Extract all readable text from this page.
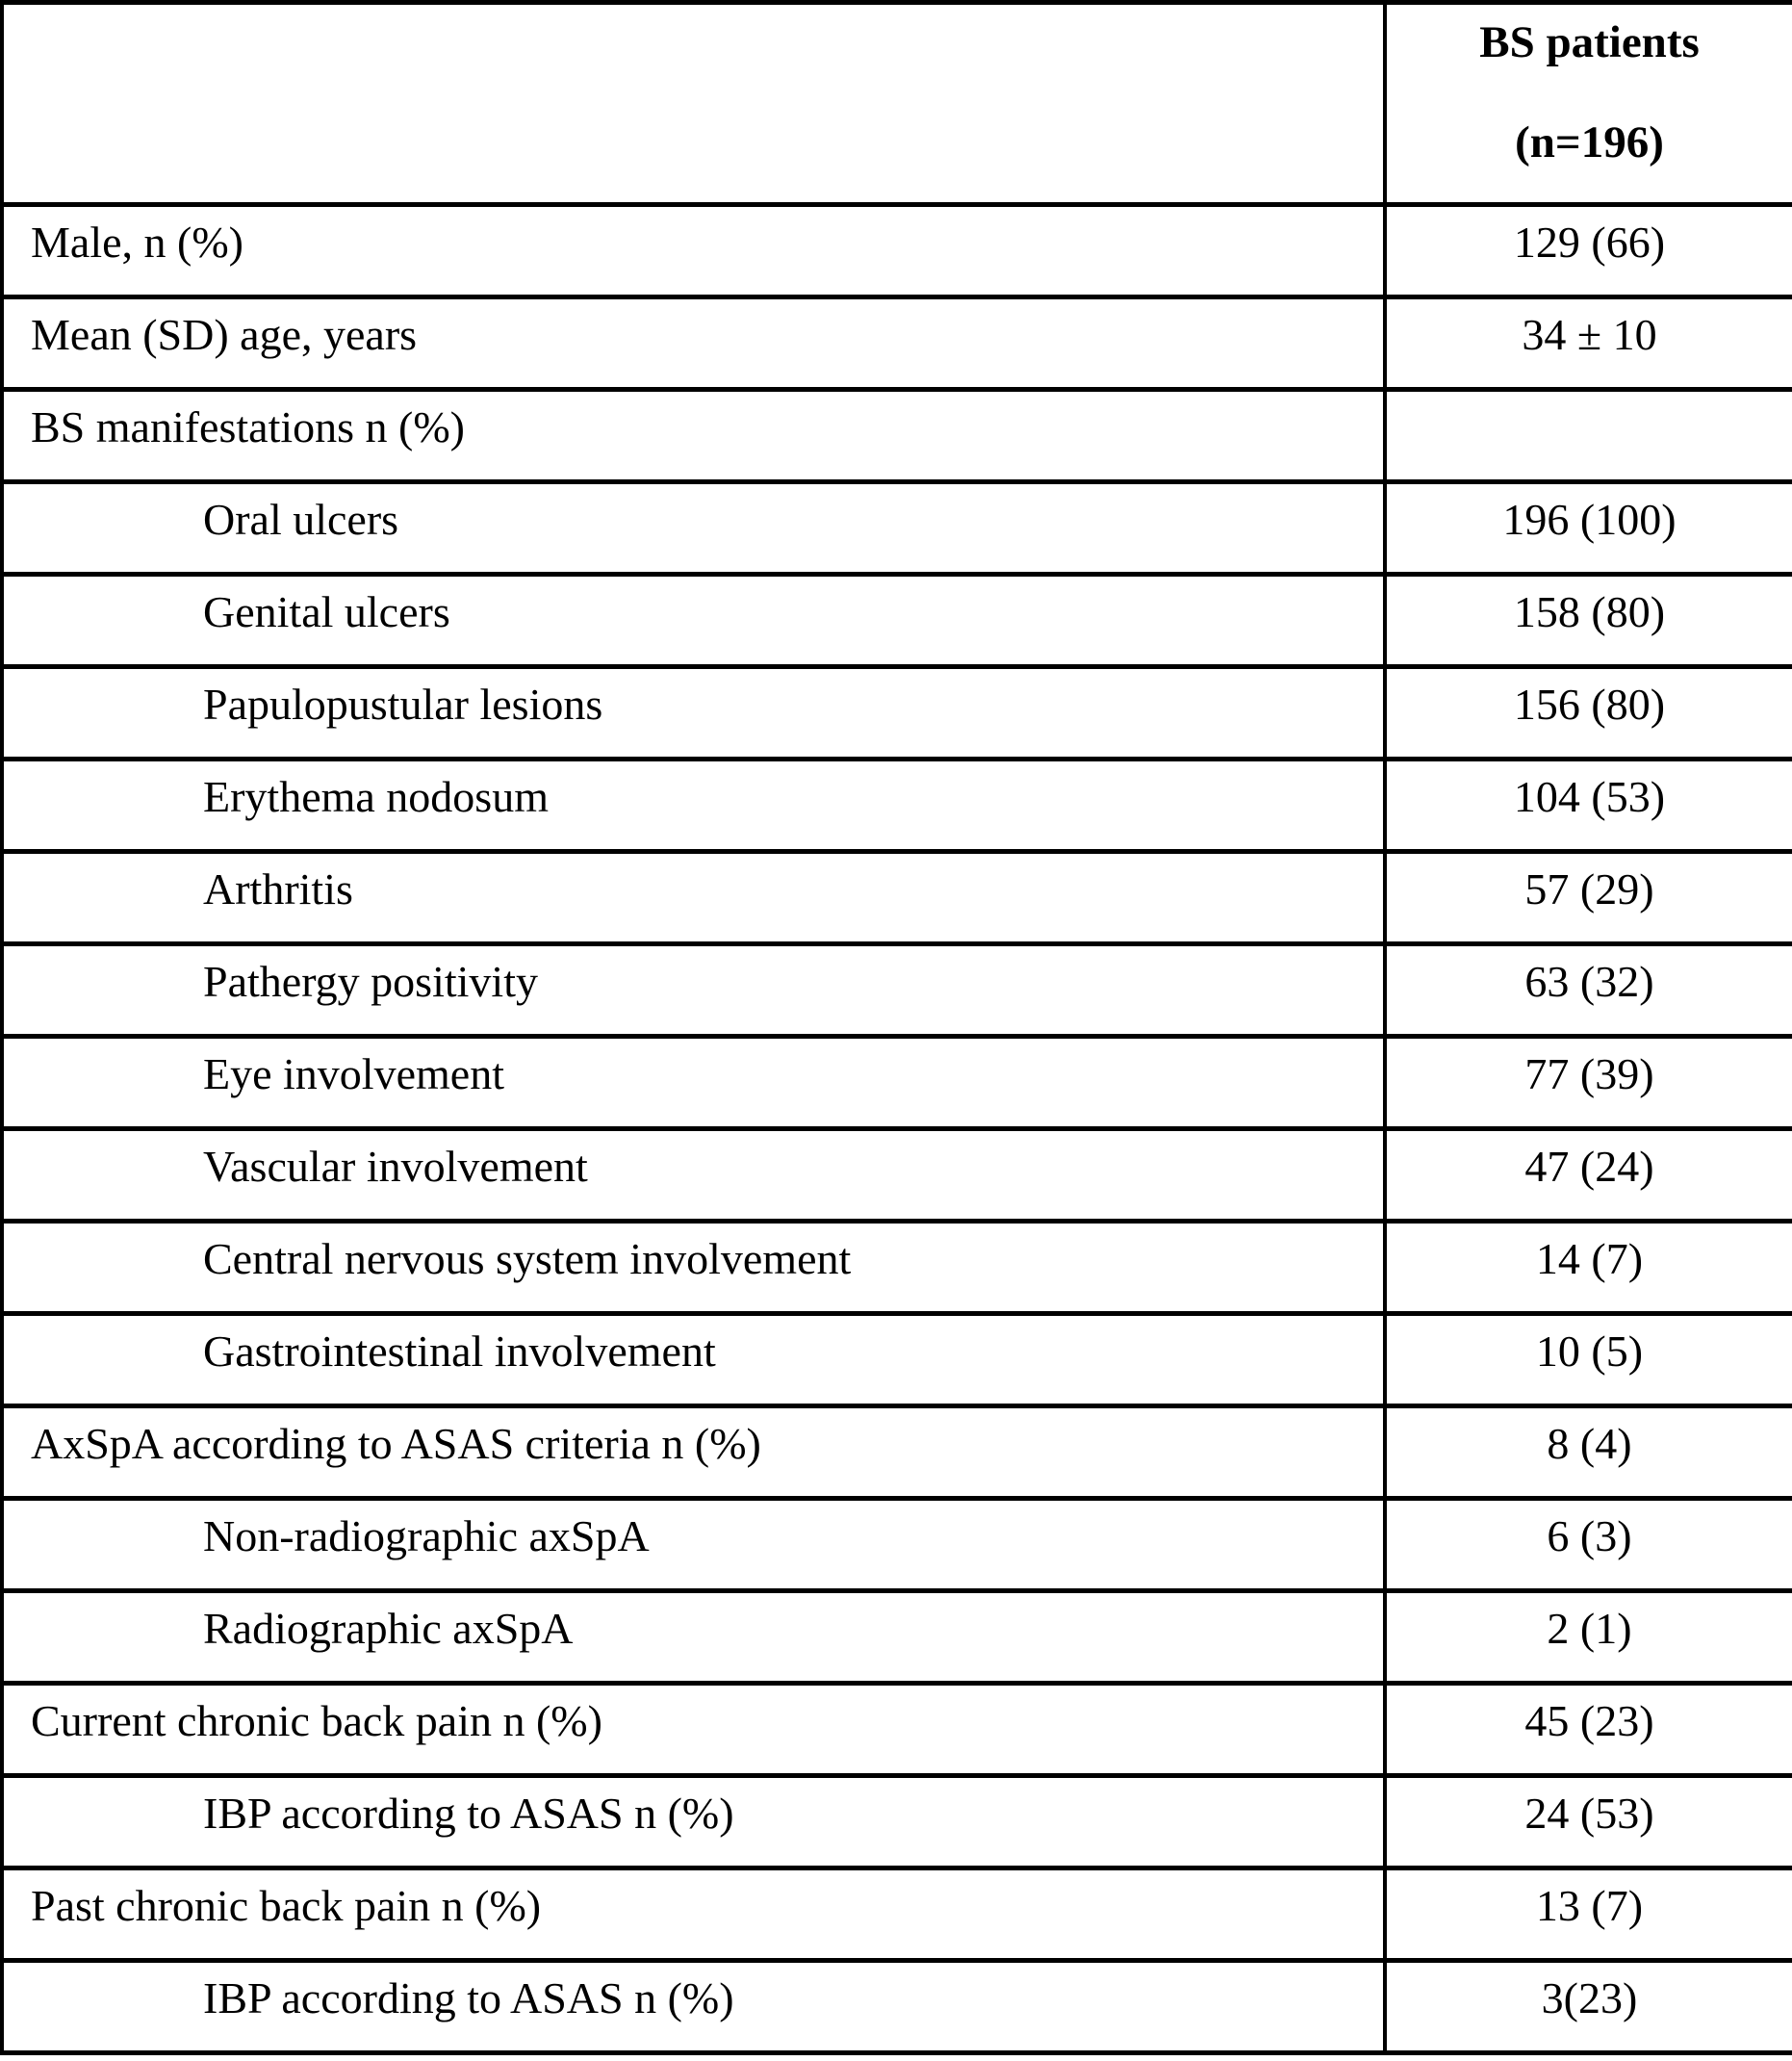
	BS patients
(n=196)

Male, n (%)	129 (66)
Mean (SD) age, years	34 ± 10
BS manifestations n (%)	
Oral ulcers	196 (100)
Genital ulcers	158 (80)
Papulopustular lesions	156 (80)
Erythema nodosum	104 (53)
Arthritis	57 (29)
Pathergy positivity	63 (32)
Eye involvement	77 (39)
Vascular involvement	47 (24)
Central nervous system involvement	14 (7)
Gastrointestinal involvement	10 (5)
AxSpA according to ASAS criteria n (%)	8 (4)
Non-radiographic axSpA	6 (3)
Radiographic axSpA	2 (1)
Current chronic back pain n (%)	45 (23)
IBP according to ASAS n (%)	24 (53)
Past chronic back pain n (%)	13 (7)
IBP according to ASAS n (%)	3(23)
